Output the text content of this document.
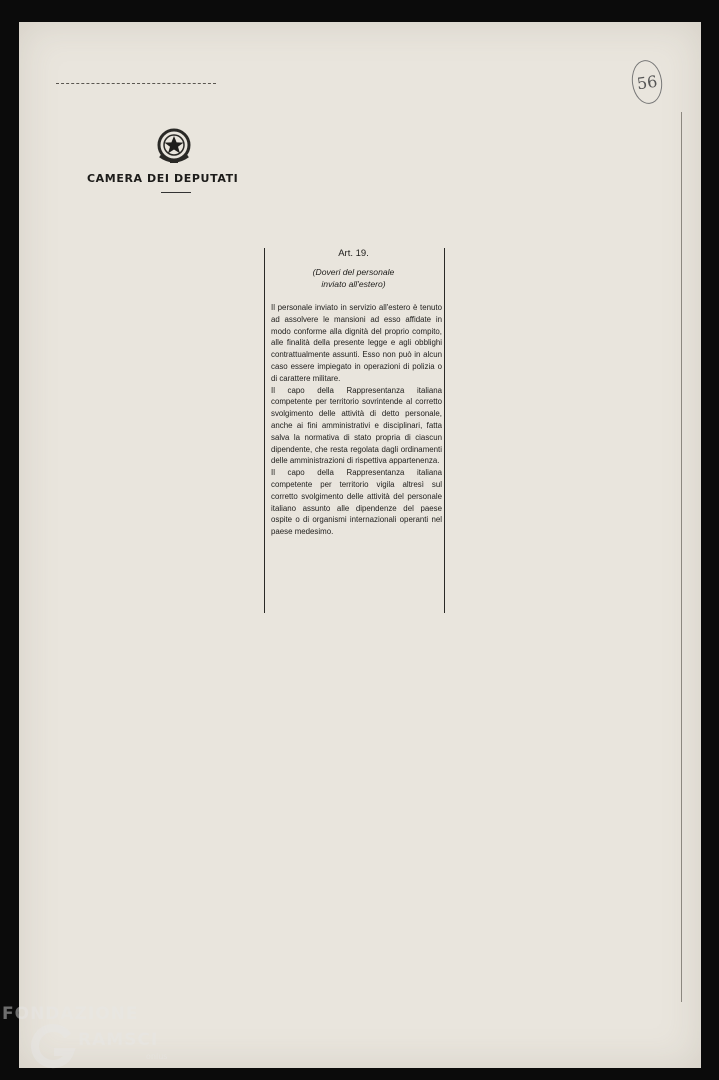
56
CAMERA DEI DEPUTATI
Art. 19.
(Doveri del personale
inviato all'estero)

Il personale inviato in servizio all'estero è tenuto ad assolvere le mansioni ad esso affidate in modo conforme alla dignità del proprio compito, alle finalità della presente legge e agli obblighi contrattualmente assunti. Esso non può in alcun caso essere impiegato in operazioni di polizia o di carattere militare.

Il capo della Rappresentanza italiana competente per territorio sovrintende al corretto svolgimento delle attività di detto personale, anche ai fini amministrativi e disciplinari, fatta salva la normativa di stato propria di ciascun dipendente, che resta regolata dagli ordinamenti delle amministrazioni di rispettiva appartenenza.

Il capo della Rappresentanza italiana competente per territorio vigila altresì sul corretto svolgimento delle attività del personale italiano assunto alle dipendenze del paese ospite o di organismi internazionali operanti nel paese medesimo.

FONDAZIONE
RAMSCI
onlus
